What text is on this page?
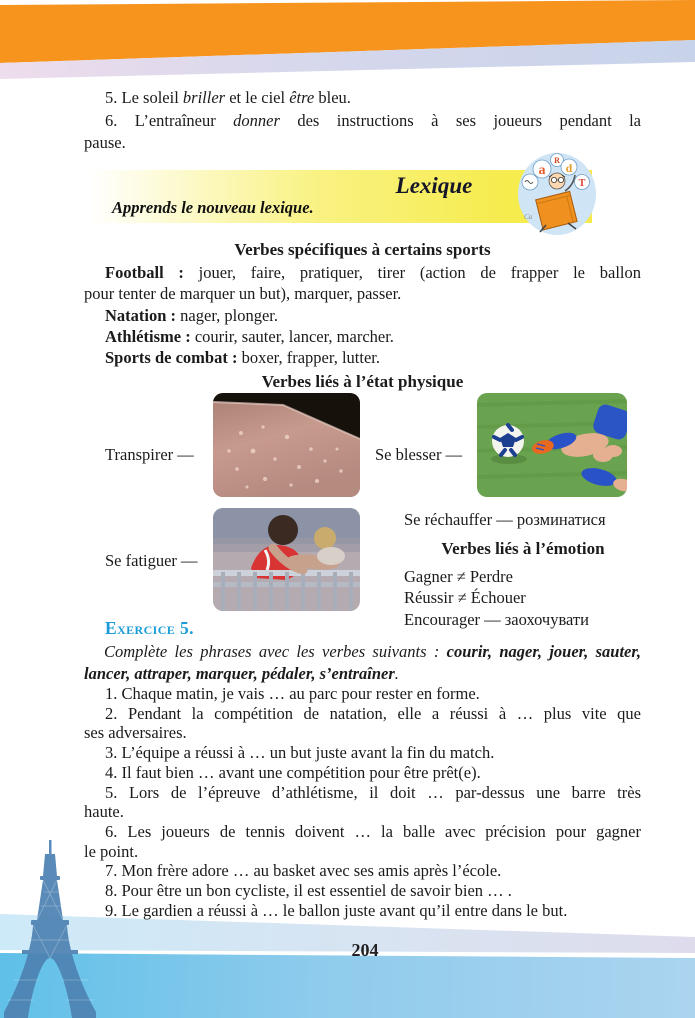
5. Le soleil briller et le ciel être bleu.

6. L’entraîneur donner des instructions à ses joueurs pendant la
pause.

Lexique
Apprends le nouveau lexique.
R
a d
T
Ca
Verbes spécifiques à certains sports

Football : jouer, faire, pratiquer, tirer (action de frapper le ballon
pour tenter de marquer un but), marquer, passer.

Natation : nager, plonger.

Athlétisme : courir, sauter, lancer, marcher.

Sports de combat : boxer, frapper, lutter.

Verbes liés à l’état physique
Transpirer —	Se blesser —
Se fatiguer —
Se réchauffer — розминатися
Verbes liés à l’émotion
Gagner ≠ Perdre
Réussir ≠ Échouer
Encourager — заохочувати
Exercice 5.
Complète les phrases avec les verbes suivants : courir, nager, jouer, sauter,
lancer, attraper, marquer, pédaler, s’entraîner.

1. Chaque matin, je vais … au parc pour rester en forme.

2. Pendant la compétition de natation, elle a réussi à … plus vite que
ses adversaires.

3. L’équipe a réussi à … un but juste avant la fin du match.

4. Il faut bien … avant une compétition pour être prêt(e).

5. Lors de l’épreuve d’athlétisme, il doit … par-dessus une barre très
haute.

6. Les joueurs de tennis doivent … la balle avec précision pour gagner
le point.

7. Mon frère adore … au basket avec ses amis après l’école.

8. Pour être un bon cycliste, il est essentiel de savoir bien … .

9. Le gardien a réussi à … le ballon juste avant qu’il entre dans le but.

204
